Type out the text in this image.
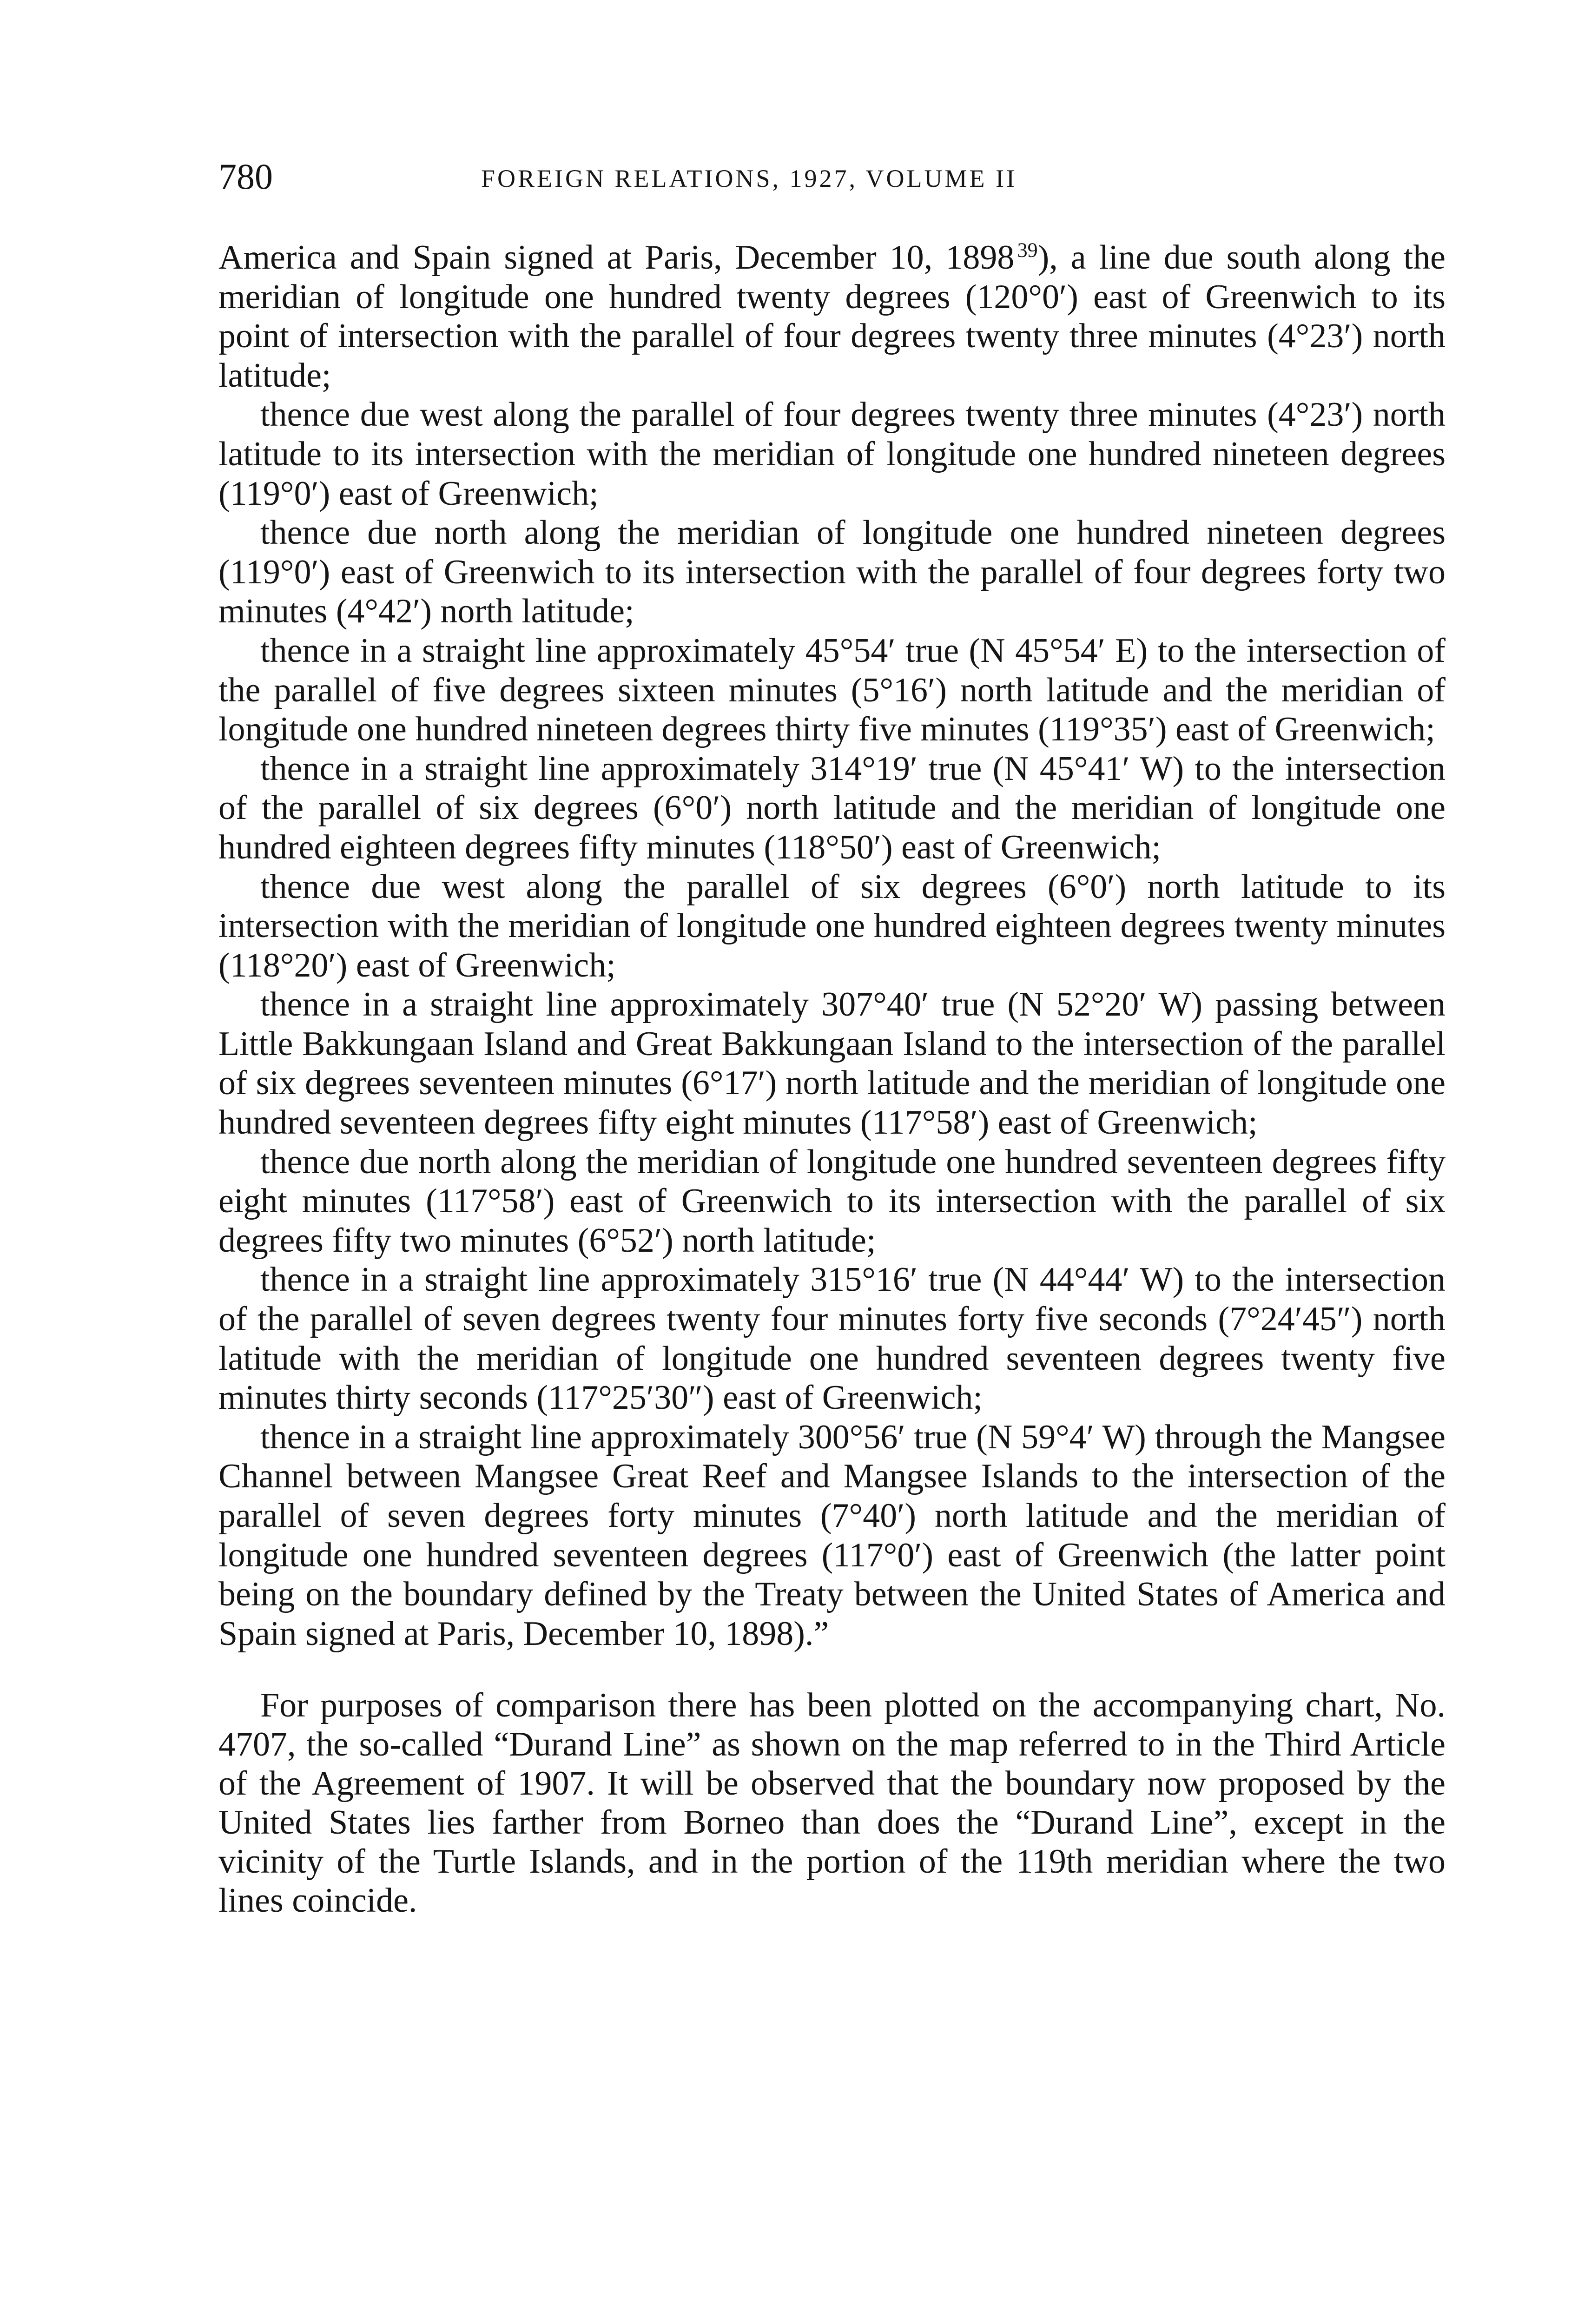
780	FOREIGN RELATIONS, 1927, VOLUME II

America and Spain signed at Paris, December 10, 1898  $^{39}$), a line due south along the meridian of longitude one hundred twenty degrees (120°0′) east of Greenwich to its point of intersection with the parallel of four degrees twenty three minutes (4°23′) north latitude;

thence due west along the parallel of four degrees twenty three minutes (4°23′) north latitude to its intersection with the meridian of longitude one hundred nineteen degrees (119°0′) east of Greenwich;

thence due north along the meridian of longitude one hundred nineteen degrees (119°0′) east of Greenwich to its intersection with the parallel of four degrees forty two minutes (4°42′) north latitude;

thence in a straight line approximately 45°54′ true (N 45°54′ E) to the intersection of the parallel of five degrees sixteen minutes (5°16′) north latitude and the meridian of longitude one hundred nineteen degrees thirty five minutes (119°35′) east of Greenwich;

thence in a straight line approximately 314°19′ true (N 45°41′ W) to the intersection of the parallel of six degrees (6°0′) north latitude and the meridian of longitude one hundred eighteen degrees fifty minutes (118°50′) east of Greenwich;

thence due west along the parallel of six degrees (6°0′) north latitude to its intersection with the meridian of longitude one hundred eighteen degrees twenty minutes (118°20′) east of Greenwich;

thence in a straight line approximately 307°40′ true (N 52°20′ W) passing between Little Bakkungaan Island and Great Bakkungaan Island to the intersection of the parallel of six degrees seventeen minutes (6°17′) north latitude and the meridian of longitude one hundred seventeen degrees fifty eight minutes (117°58′) east of Greenwich;

thence due north along the meridian of longitude one hundred seventeen degrees fifty eight minutes (117°58′) east of Greenwich to its intersection with the parallel of six degrees fifty two minutes (6°52′) north latitude;

thence in a straight line approximately 315°16′ true (N 44°44′ W) to the intersection of the parallel of seven degrees twenty four minutes forty five seconds (7°24′45″) north latitude with the meridian of longitude one hundred seventeen degrees twenty five minutes thirty seconds (117°25′30″) east of Greenwich;

thence in a straight line approximately 300°56′ true (N 59°4′ W) through the Mangsee Channel between Mangsee Great Reef and Mangsee Islands to the intersection of the parallel of seven degrees forty minutes (7°40′) north latitude and the meridian of longitude one hundred seventeen degrees (117°0′) east of Greenwich (the latter point being on the boundary defined by the Treaty between the United States of America and Spain signed at Paris, December 10, 1898).”

For purposes of comparison there has been plotted on the accompanying chart, No. 4707, the so-called “Durand Line” as shown on the map referred to in the Third Article of the Agreement of 1907. It will be observed that the boundary now proposed by the United States lies farther from Borneo than does the “Durand Line”, except in the vicinity of the Turtle Islands, and in the portion of the 119th meridian where the two lines coincide.
